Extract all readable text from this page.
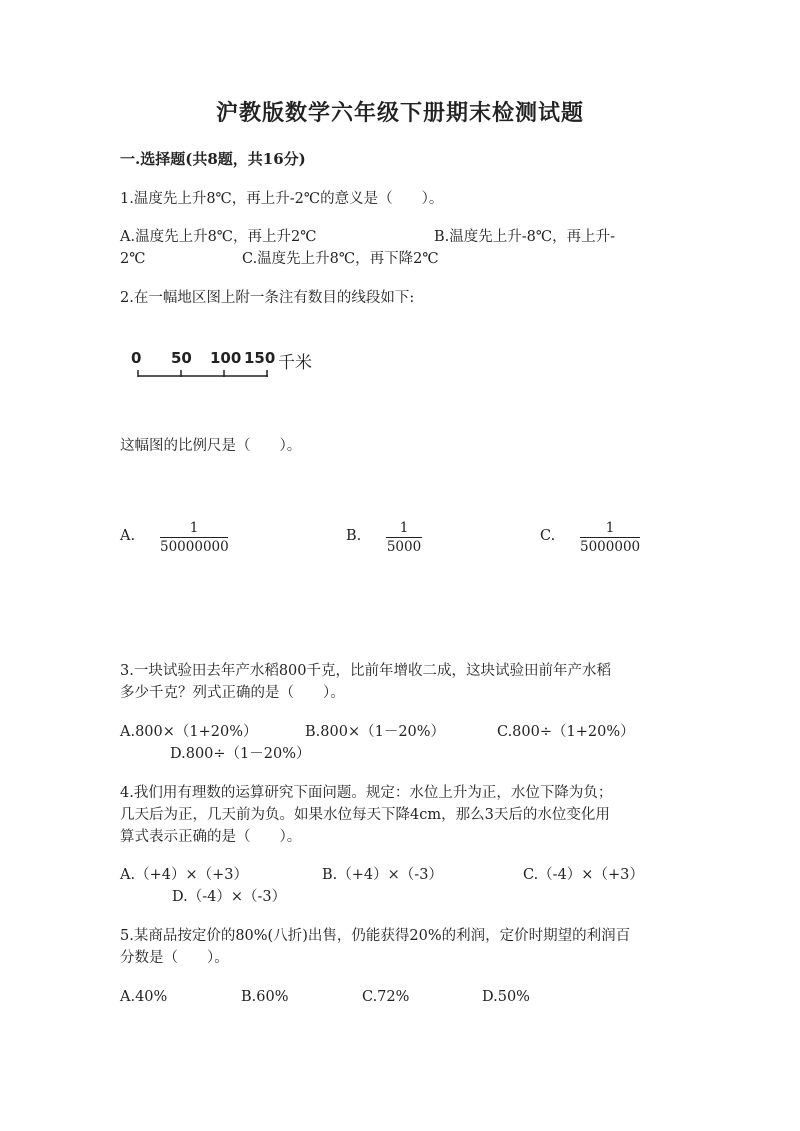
沪教版数学六年级下册期末检测试题
一.选择题(共8题，共16分)
1.温度先上升8℃，再上升-2℃的意义是（　　）。
A.温度先上升8℃，再上升2℃	B.温度先上升-8℃，再上升-
2℃	C.温度先上升8℃，再下降2℃
2.在一幅地区图上附一条注有数目的线段如下:
0 50 100 150 千米
这幅图的比例尺是（　　）。
A. $\frac{1}{50000000}$	B. $\frac{1}{5000}$	C. $\frac{1}{5000000}$
3.一块试验田去年产水稻800千克，比前年增收二成，这块试验田前年产水稻
多少千克？列式正确的是（　　）。
A.800×（1+20%）	B.800×（1－20%）	C.800÷（1+20%）
D.800÷（1－20%）
4.我们用有理数的运算研究下面问题。规定：水位上升为正，水位下降为负；
几天后为正，几天前为负。如果水位每天下降4cm，那么3天后的水位变化用
算式表示正确的是（　　）。
A.（+4）×（+3）	B.（+4）×（-3）	C.（-4）×（+3）
D.（-4）×（-3）
5.某商品按定价的80%(八折)出售，仍能获得20%的利润，定价时期望的利润百
分数是（　　）。
A.40%	B.60%	C.72%	D.50%
